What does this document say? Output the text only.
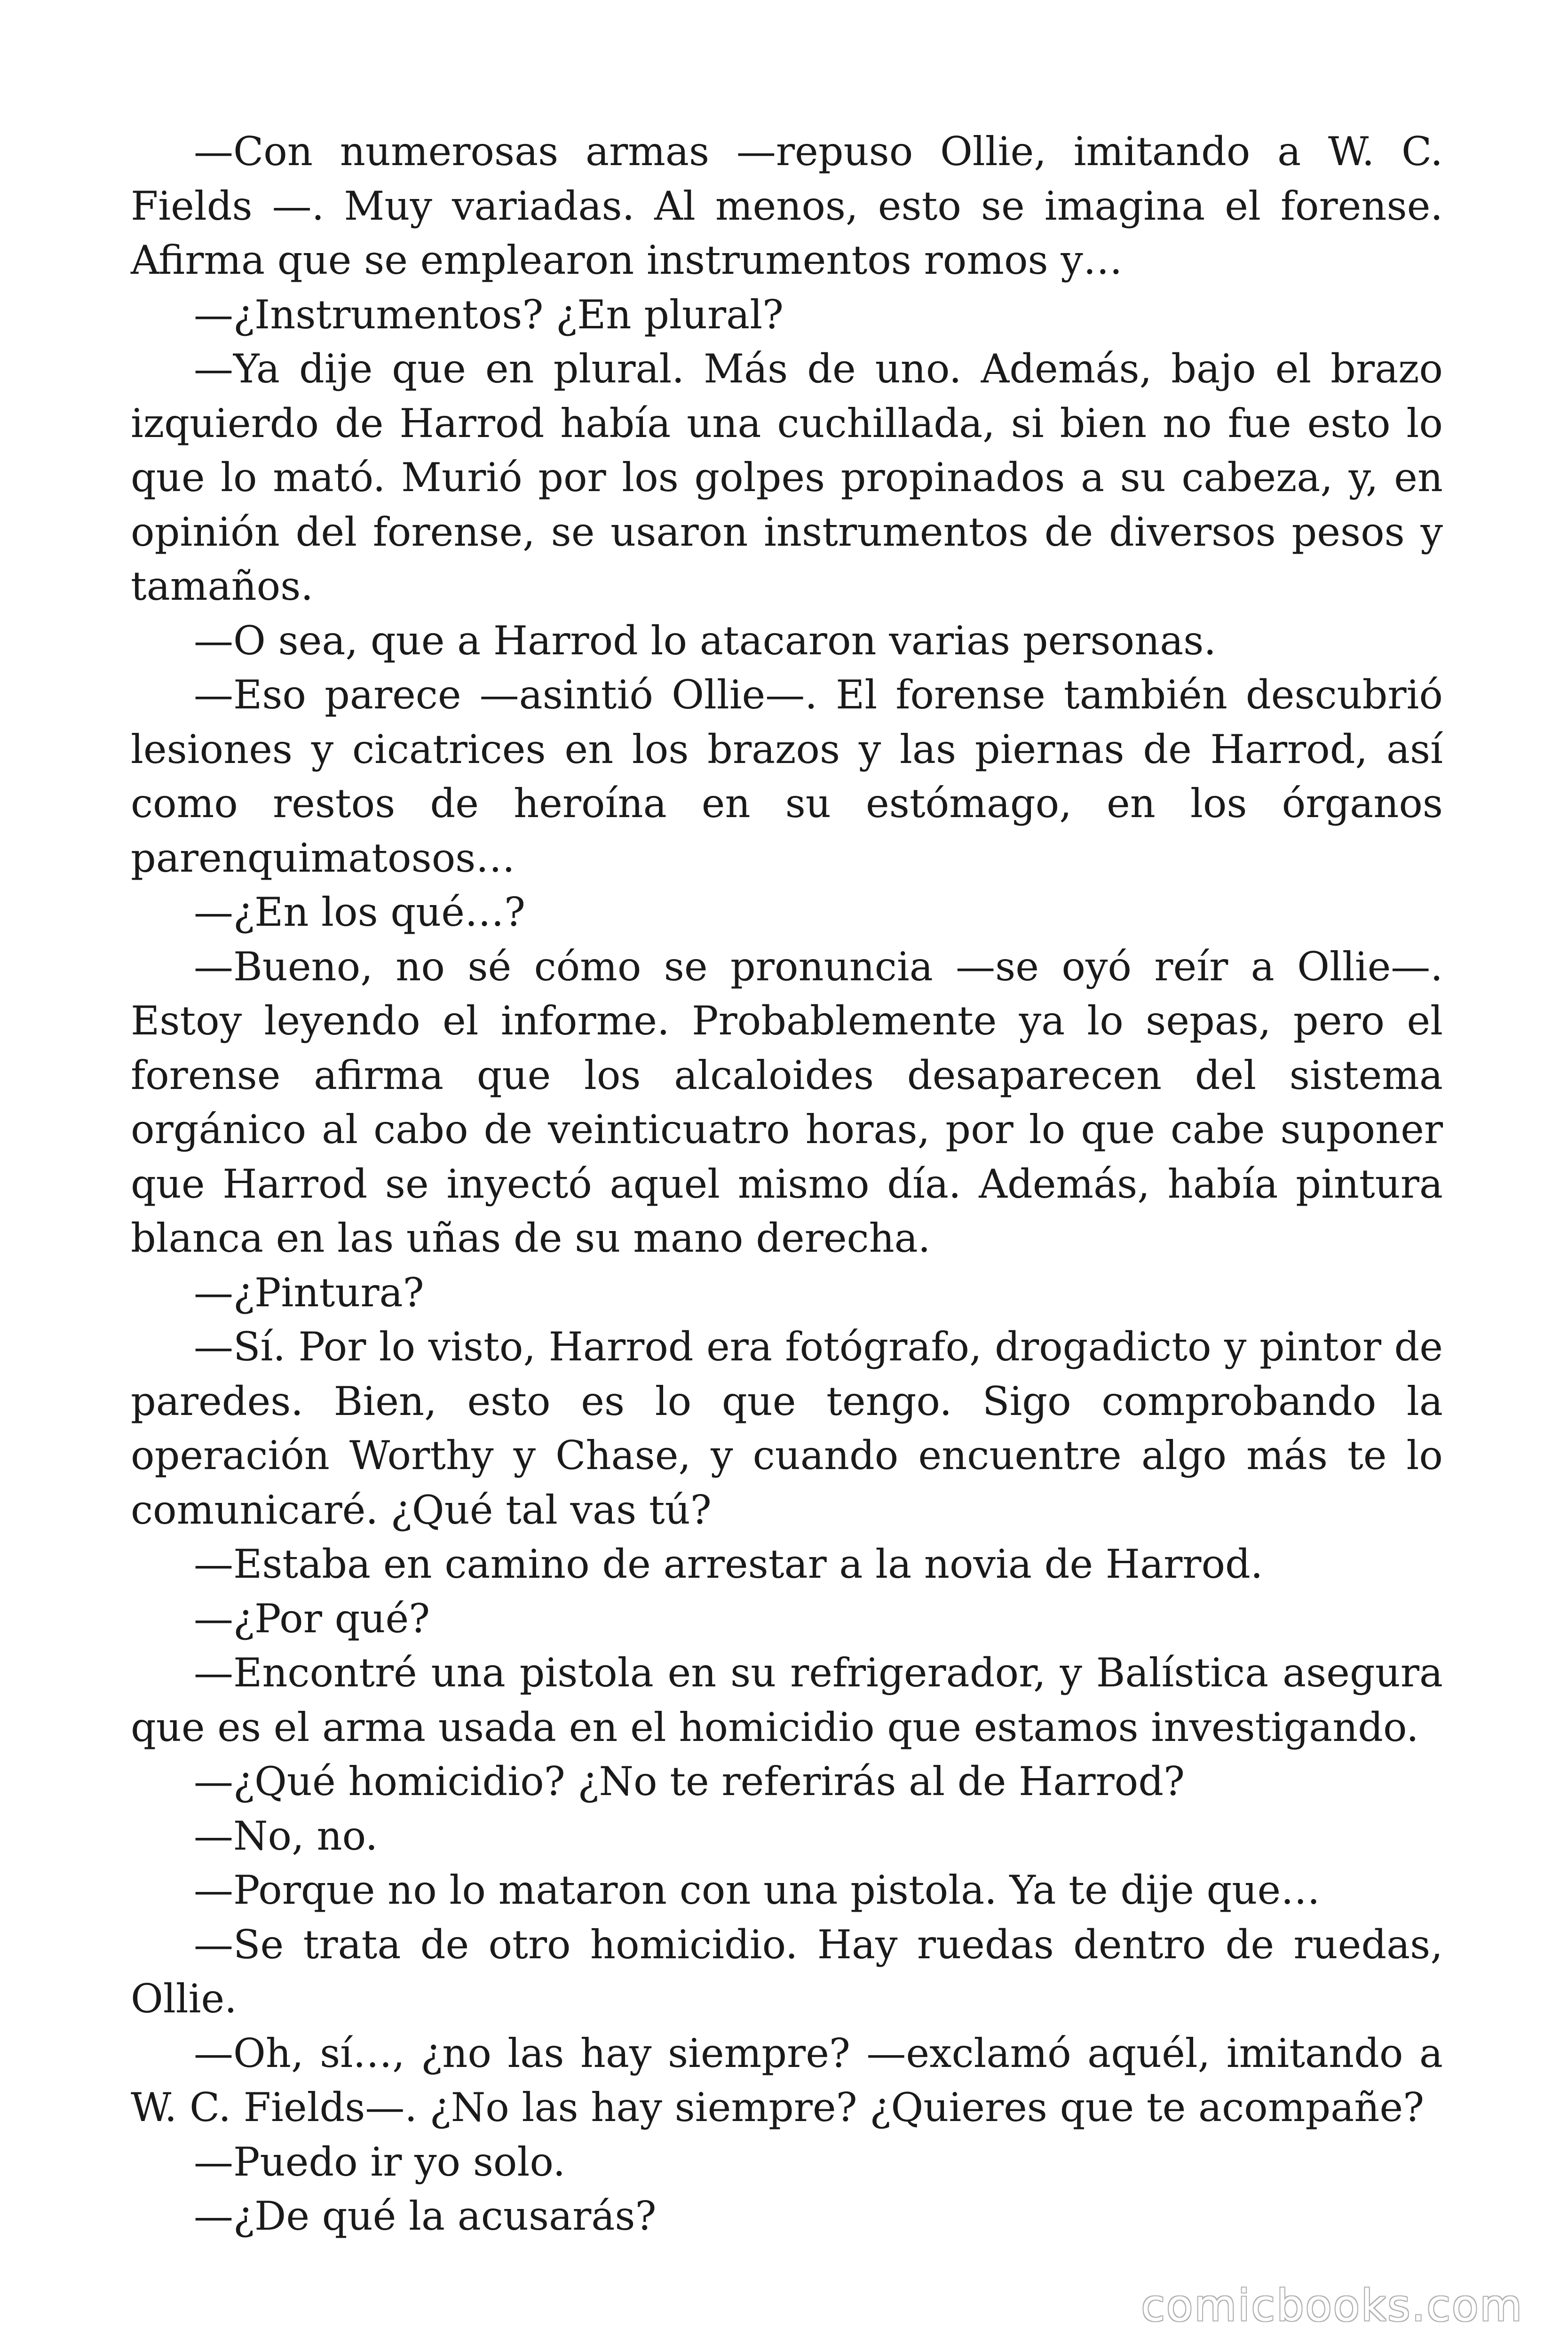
—Con numerosas armas —repuso Ollie, imitando a W. C. Fields —. Muy variadas. Al menos, esto se imagina el forense. Afirma que se emplearon instrumentos romos y…

—¿Instrumentos? ¿En plural?

—Ya dije que en plural. Más de uno. Además, bajo el brazo izquierdo de Harrod había una cuchillada, si bien no fue esto lo que lo mató. Murió por los golpes propinados a su cabeza, y, en opinión del forense, se usaron instrumentos de diversos pesos y tamaños.

—O sea, que a Harrod lo atacaron varias personas.

—Eso parece —asintió Ollie—. El forense también descubrió lesiones y cicatrices en los brazos y las piernas de Harrod, así como restos de heroína en su estómago, en los órganos parenquimatosos…

—¿En los qué…?

—Bueno, no sé cómo se pronuncia —se oyó reír a Ollie—. Estoy leyendo el informe. Probablemente ya lo sepas, pero el forense afirma que los alcaloides desaparecen del sistema orgánico al cabo de veinticuatro horas, por lo que cabe suponer que Harrod se inyectó aquel mismo día. Además, había pintura blanca en las uñas de su mano derecha.

—¿Pintura?

—Sí. Por lo visto, Harrod era fotógrafo, drogadicto y pintor de paredes. Bien, esto es lo que tengo. Sigo comprobando la operación Worthy y Chase, y cuando encuentre algo más te lo comunicaré. ¿Qué tal vas tú?

—Estaba en camino de arrestar a la novia de Harrod.

—¿Por qué?

—Encontré una pistola en su refrigerador, y Balística asegura que es el arma usada en el homicidio que estamos investigando.

—¿Qué homicidio? ¿No te referirás al de Harrod?

—No, no.

—Porque no lo mataron con una pistola. Ya te dije que…

—Se trata de otro homicidio. Hay ruedas dentro de ruedas, Ollie.

—Oh, sí…, ¿no las hay siempre? —exclamó aquél, imitando a W. C. Fields—. ¿No las hay siempre? ¿Quieres que te acompañe?

—Puedo ir yo solo.

—¿De qué la acusarás?

comicbooks.com
